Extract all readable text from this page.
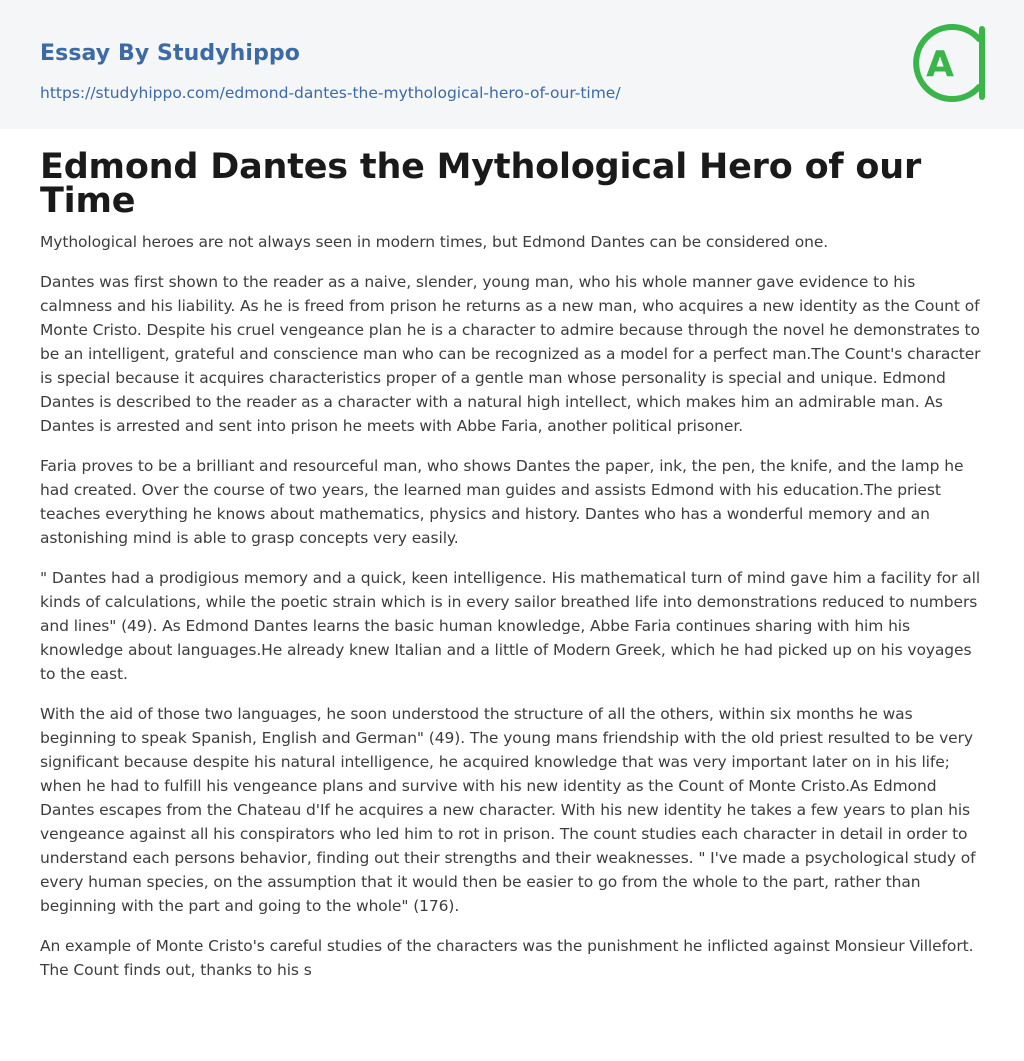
Essay By Studyhippo
https://studyhippo.com/edmond-dantes-the-mythological-hero-of-our-time/
A
Edmond Dantes the Mythological Hero of our Time

Mythological heroes are not always seen in modern times, but Edmond Dantes can be considered one.

Dantes was first shown to the reader as a naive, slender, young man, who his whole manner gave evidence to his calmness and his liability. As he is freed from prison he returns as a new man, who acquires a new identity as the Count of Monte Cristo. Despite his cruel vengeance plan he is a character to admire because through the novel he demonstrates to be an intelligent, grateful and conscience man who can be recognized as a model for a perfect man.The Count's character is special because it acquires characteristics proper of a gentle man whose personality is special and unique. Edmond Dantes is described to the reader as a character with a natural high intellect, which makes him an admirable man. As Dantes is arrested and sent into prison he meets with Abbe Faria, another political prisoner.

Faria proves to be a brilliant and resourceful man, who shows Dantes the paper, ink, the pen, the knife, and the lamp he had created. Over the course of two years, the learned man guides and assists Edmond with his education.The priest teaches everything he knows about mathematics, physics and history. Dantes who has a wonderful memory and an astonishing mind is able to grasp concepts very easily.

" Dantes had a prodigious memory and a quick, keen intelligence. His mathematical turn of mind gave him a facility for all kinds of calculations, while the poetic strain which is in every sailor breathed life into demonstrations reduced to numbers and lines" (49). As Edmond Dantes learns the basic human knowledge, Abbe Faria continues sharing with him his knowledge about languages.He already knew Italian and a little of Modern Greek, which he had picked up on his voyages to the east.

With the aid of those two languages, he soon understood the structure of all the others, within six months he was beginning to speak Spanish, English and German" (49). The young mans friendship with the old priest resulted to be very significant because despite his natural intelligence, he acquired knowledge that was very important later on in his life; when he had to fulfill his vengeance plans and survive with his new identity as the Count of Monte Cristo.As Edmond Dantes escapes from the Chateau d'If he acquires a new character. With his new identity he takes a few years to plan his vengeance against all his conspirators who led him to rot in prison. The count studies each character in detail in order to understand each persons behavior, finding out their strengths and their weaknesses. " I've made a psychological study of every human species, on the assumption that it would then be easier to go from the whole to the part, rather than beginning with the part and going to the whole" (176).

An example of Monte Cristo's careful studies of the characters was the punishment he inflicted against Monsieur Villefort. The Count finds out, thanks to his s
